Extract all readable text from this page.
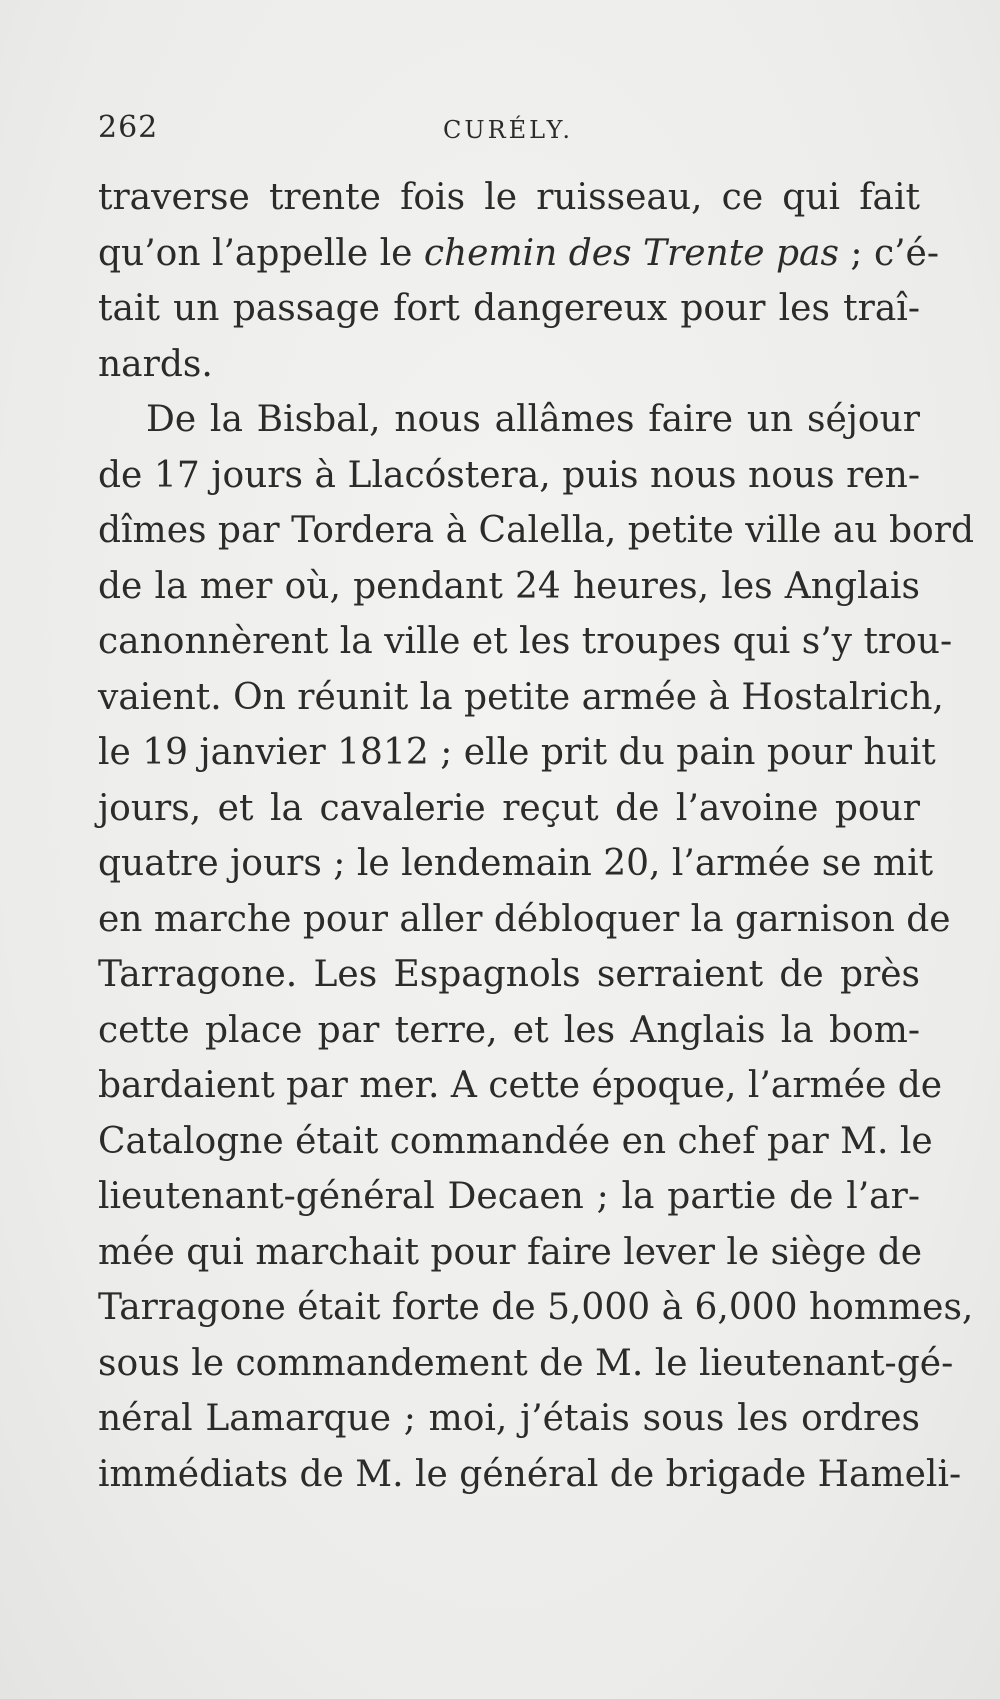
262	CURÉLY.
traverse trente fois le ruisseau, ce qui fait
qu’on l’appelle le chemin des Trente pas ; c’é-
tait un passage fort dangereux pour les traî-
nards.
De la Bisbal, nous allâmes faire un séjour
de 17 jours à Llacóstera, puis nous nous ren-
dîmes par Tordera à Calella, petite ville au bord
de la mer où, pendant 24 heures, les Anglais
canonnèrent la ville et les troupes qui s’y trou-
vaient. On réunit la petite armée à Hostalrich,
le 19 janvier 1812 ; elle prit du pain pour huit
jours, et la cavalerie reçut de l’avoine pour
quatre jours ; le lendemain 20, l’armée se mit
en marche pour aller débloquer la garnison de
Tarragone. Les Espagnols serraient de près
cette place par terre, et les Anglais la bom-
bardaient par mer. A cette époque, l’armée de
Catalogne était commandée en chef par M. le
lieutenant-général Decaen ; la partie de l’ar-
mée qui marchait pour faire lever le siège de
Tarragone était forte de 5,000 à 6,000 hommes,
sous le commandement de M. le lieutenant-gé-
néral Lamarque ; moi, j’étais sous les ordres
immédiats de M. le général de brigade Hameli-
